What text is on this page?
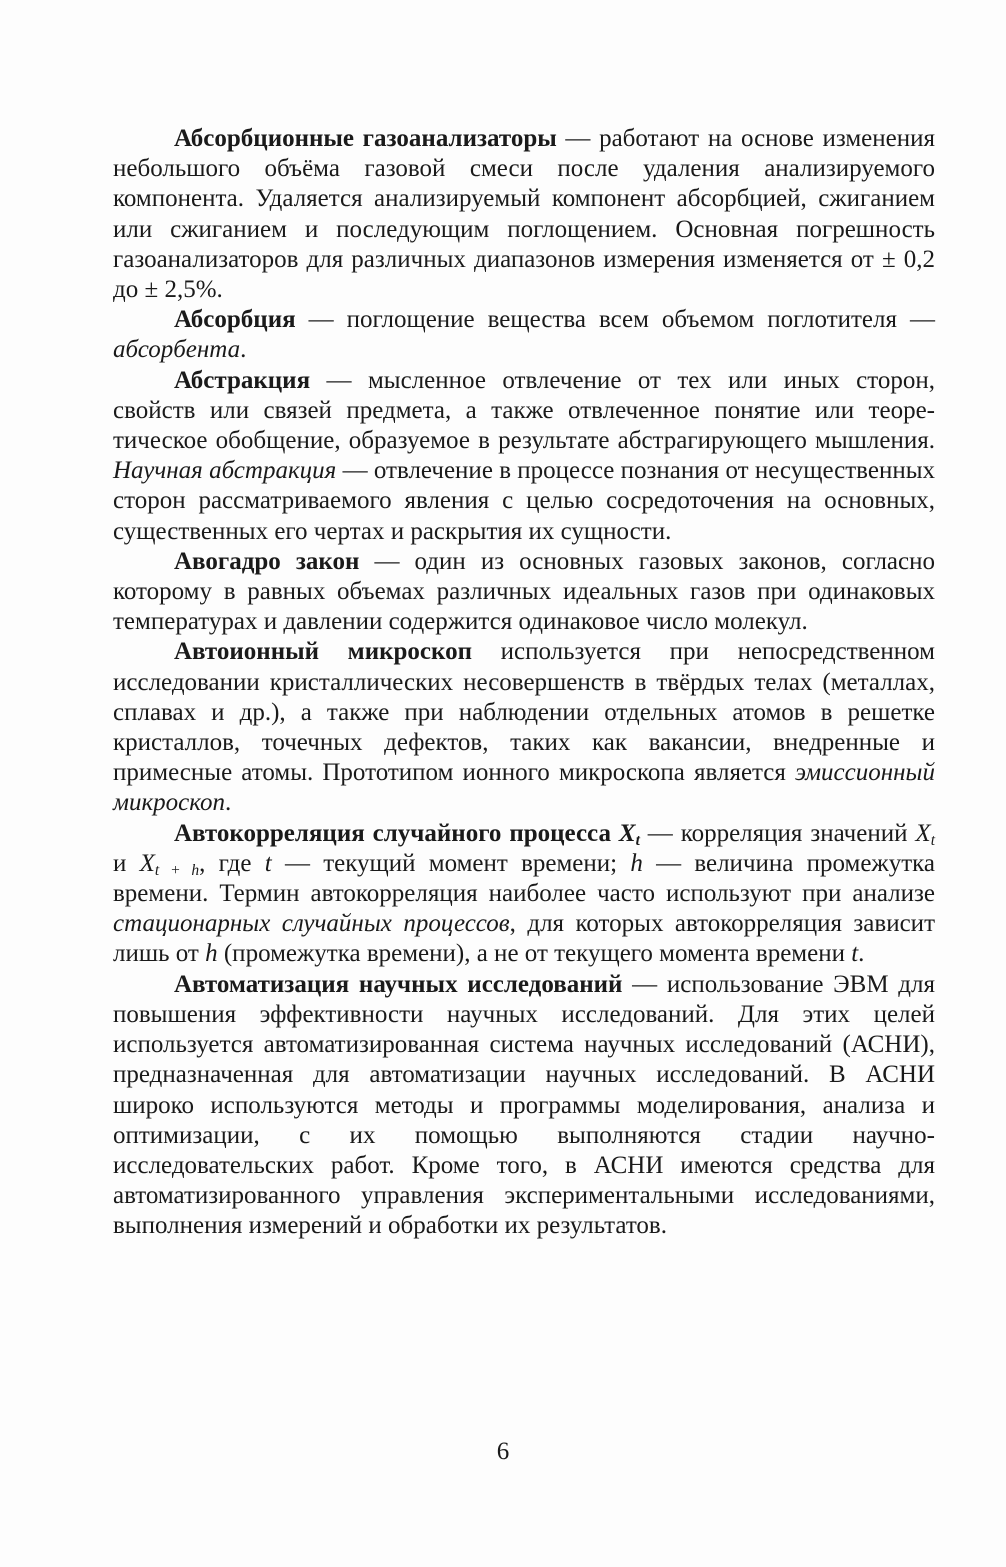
Абсорбционные газоанализаторы — работают на основе изменения небольшого объёма газовой смеси после удаления анализируемого компонента. Удаляется анализируемый компонент абсорбцией, сжиганием или сжиганием и последующим поглощением. Основная погрешность газоанализаторов для различных диапазонов измерения изменяется от ± 0,2 до ± 2,5%.

Абсорбция — поглощение вещества всем объемом поглотителя — абсорбента.

Абстракция — мысленное отвлечение от тех или иных сторон, свойств или связей предмета, а также отвлеченное понятие или теоретическое обобщение, образуемое в результате абстрагирующего мышления. Научная абстракция — отвлечение в процессе познания от несущественных сторон рассматриваемого явления с целью сосредоточения на основных, существенных его чертах и раскрытия их сущности.

Авогадро закон — один из основных газовых законов, согласно которому в равных объемах различных идеальных газов при одинаковых температурах и давлении содержится одинаковое число молекул.

Автоионный микроскоп используется при непосредственном исследовании кристаллических несовершенств в твёрдых телах (металлах, сплавах и др.), а также при наблюдении отдельных атомов в решетке кристаллов, точечных дефектов, таких как вакансии, внедренные и примесные атомы. Прототипом ионного микроскопа является эмиссионный микроскоп.

Автокорреляция случайного процесса $X_t$ — корреляция значений $X_t$ и $X_{t + h}$, где t — текущий момент времени; h — величина промежутка времени. Термин автокорреляция наиболее часто используют при анализе стационарных случайных процессов, для которых автокорреляция зависит лишь от h (промежутка времени), а не от текущего момента времени t.

Автоматизация научных исследований — использование ЭВМ для повышения эффективности научных исследований. Для этих целей используется автоматизированная система научных исследований (АСНИ), предназначенная для автоматизации научных исследований. В АСНИ широко используются методы и программы моделирования, анализа и оптимизации, с их помощью выполняются стадии научно-исследовательских работ. Кроме того, в АСНИ имеются средства для автоматизированного управления экспериментальными исследованиями, выполнения измерений и обработки их результатов.

6
